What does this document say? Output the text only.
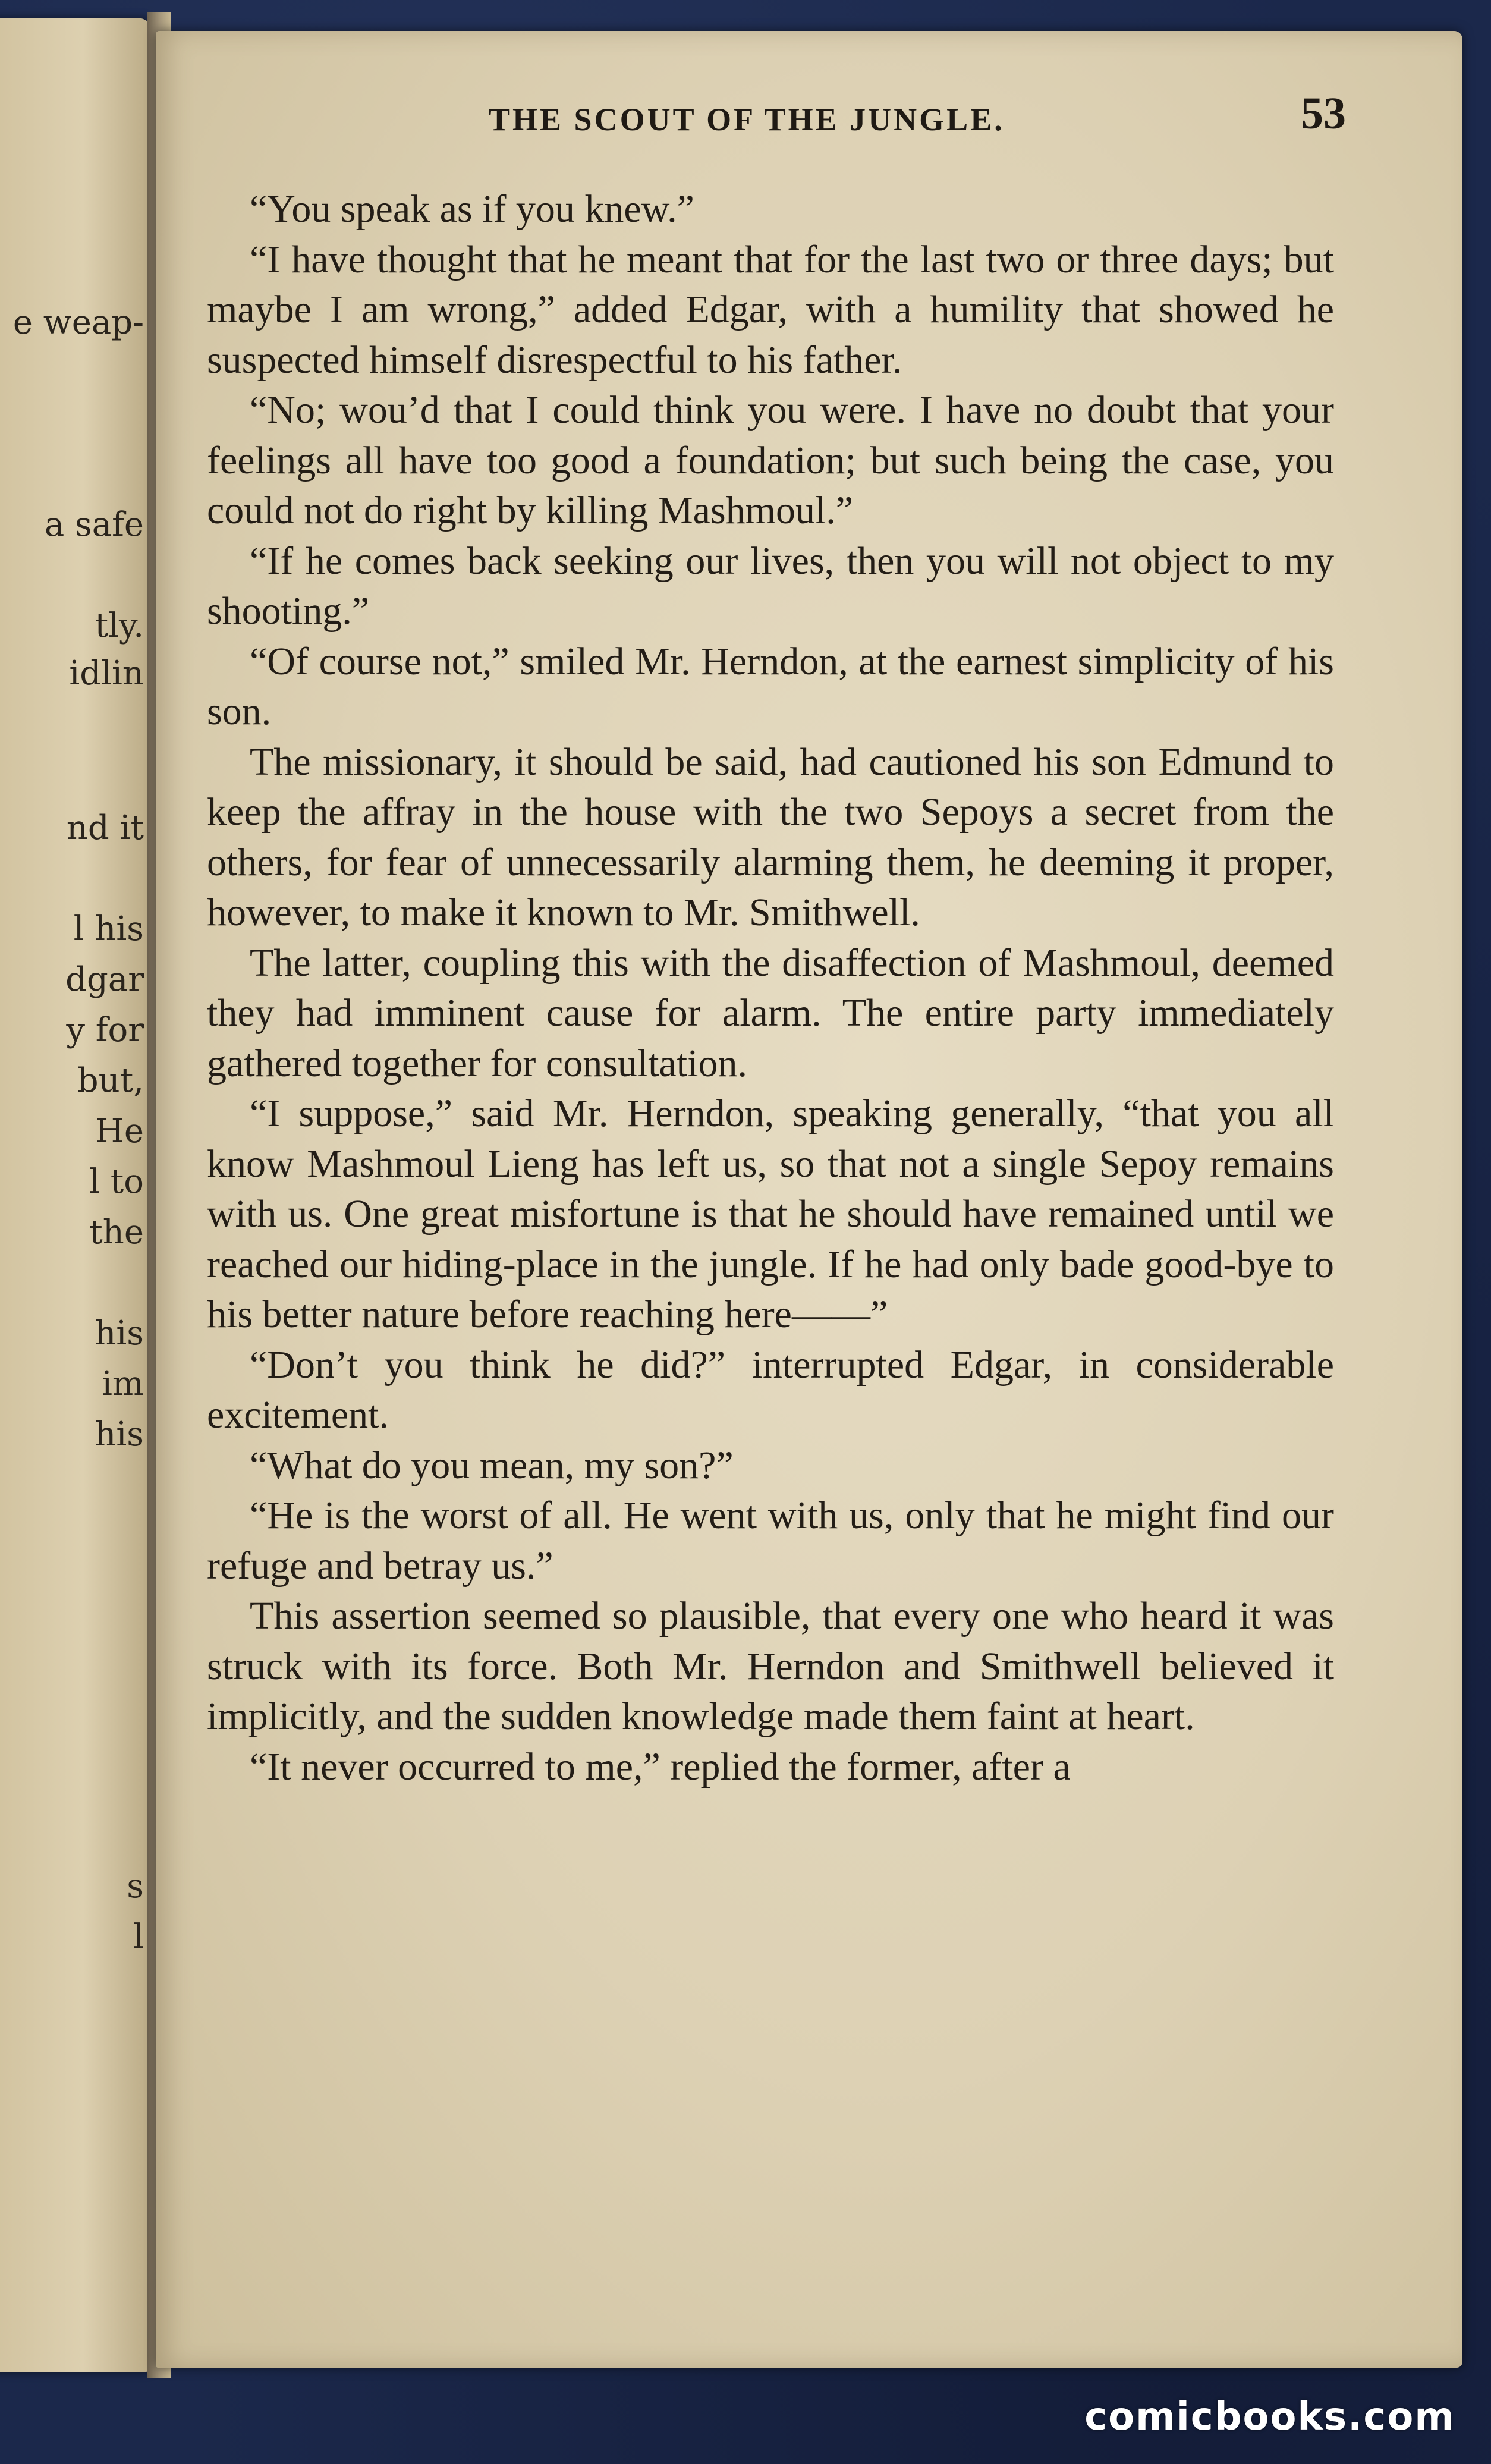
e weap-
a safe
tly.
idlin
nd it
l his
dgar
y for
but,
He
l to
the
his
im
his
s
l
THE SCOUT OF THE JUNGLE.	53

“You speak as if you knew.”

“I have thought that he meant that for the last two or three days; but maybe I am wrong,” added Edgar, with a humility that showed he suspected himself disrespectful to his father.

“No; wou’d that I could think you were. I have no doubt that your feelings all have too good a foundation; but such being the case, you could not do right by killing Mashmoul.”

“If he comes back seeking our lives, then you will not object to my shooting.”

“Of course not,” smiled Mr. Herndon, at the earnest simplicity of his son.

The missionary, it should be said, had cautioned his son Edmund to keep the affray in the house with the two Sepoys a secret from the others, for fear of unnecessarily alarming them, he deeming it proper, however, to make it known to Mr. Smithwell.

The latter, coupling this with the disaffection of Mashmoul, deemed they had imminent cause for alarm. The entire party immediately gathered together for consultation.

“I suppose,” said Mr. Herndon, speaking generally, “that you all know Mashmoul Lieng has left us, so that not a single Sepoy remains with us. One great misfortune is that he should have remained until we reached our hiding-place in the jungle. If he had only bade good-bye to his better nature before reaching here——”

“Don’t you think he did?” interrupted Edgar, in considerable excitement.

“What do you mean, my son?”

“He is the worst of all. He went with us, only that he might find our refuge and betray us.”

This assertion seemed so plausible, that every one who heard it was struck with its force. Both Mr. Herndon and Smithwell believed it implicitly, and the sudden knowledge made them faint at heart.

“It never occurred to me,” replied the former, after a

comicbooks.com
